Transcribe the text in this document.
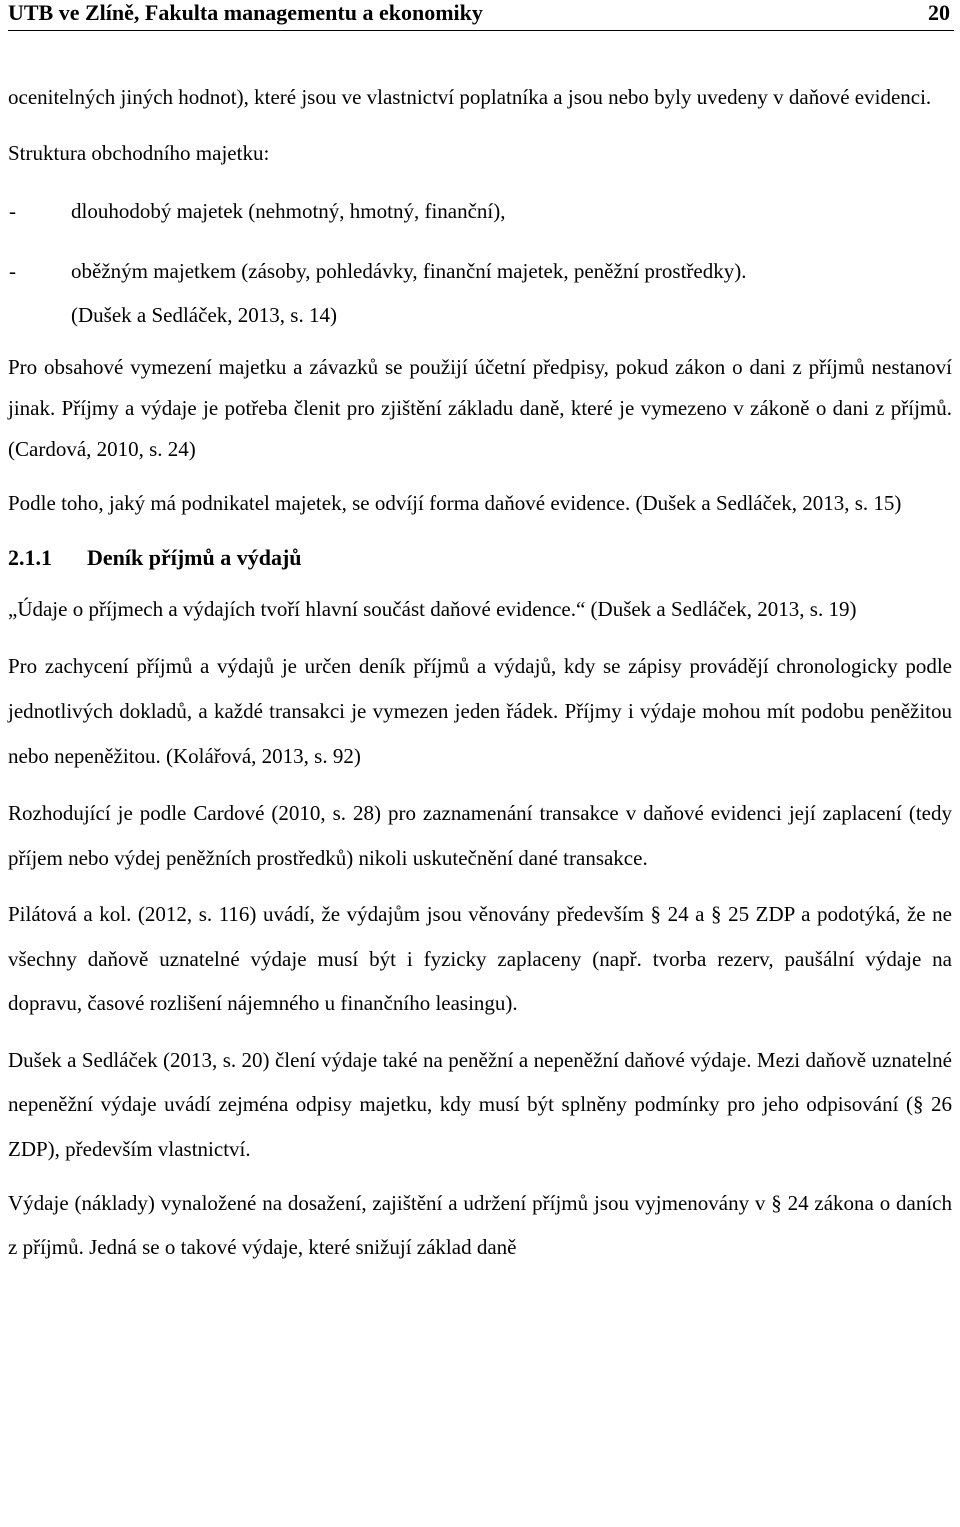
UTB ve Zlíně, Fakulta managementu a ekonomiky	20

ocenitelných jiných hodnot), které jsou ve vlastnictví poplatníka a jsou nebo byly uvedeny v daňové evidenci.

Struktura obchodního majetku:

-	dlouhodobý majetek (nehmotný, hmotný, finanční),
-	oběžným majetkem (zásoby, pohledávky, finanční majetek, peněžní prostředky).

(Dušek a Sedláček, 2013, s. 14)

Pro obsahové vymezení majetku a závazků se použijí účetní předpisy, pokud zákon o dani z příjmů nestanoví jinak. Příjmy a výdaje je potřeba členit pro zjištění základu daně, které je vymezeno v zákoně o dani z příjmů. (Cardová, 2010, s. 24)

Podle toho, jaký má podnikatel majetek, se odvíjí forma daňové evidence. (Dušek a Sedláček, 2013, s. 15)

2.1.1 Deník příjmů a výdajů

„Údaje o příjmech a výdajích tvoří hlavní součást daňové evidence.“ (Dušek a Sedláček, 2013, s. 19)

Pro zachycení příjmů a výdajů je určen deník příjmů a výdajů, kdy se zápisy provádějí chronologicky podle jednotlivých dokladů, a každé transakci je vymezen jeden řádek. Příjmy i výdaje mohou mít podobu peněžitou nebo nepeněžitou. (Kolářová, 2013, s. 92)

Rozhodující je podle Cardové (2010, s. 28) pro zaznamenání transakce v daňové evidenci její zaplacení (tedy příjem nebo výdej peněžních prostředků) nikoli uskutečnění dané transakce.

Pilátová a kol. (2012, s. 116) uvádí, že výdajům jsou věnovány především § 24 a § 25 ZDP a podotýká, že ne všechny daňově uznatelné výdaje musí být i fyzicky zaplaceny (např. tvorba rezerv, paušální výdaje na dopravu, časové rozlišení nájemného u finančního leasingu).

Dušek a Sedláček (2013, s. 20) člení výdaje také na peněžní a nepeněžní daňové výdaje. Mezi daňově uznatelné nepeněžní výdaje uvádí zejména odpisy majetku, kdy musí být splněny podmínky pro jeho odpisování (§ 26 ZDP), především vlastnictví.

Výdaje (náklady) vynaložené na dosažení, zajištění a udržení příjmů jsou vyjmenovány v § 24 zákona o daních z příjmů. Jedná se o takové výdaje, které snižují základ daně
